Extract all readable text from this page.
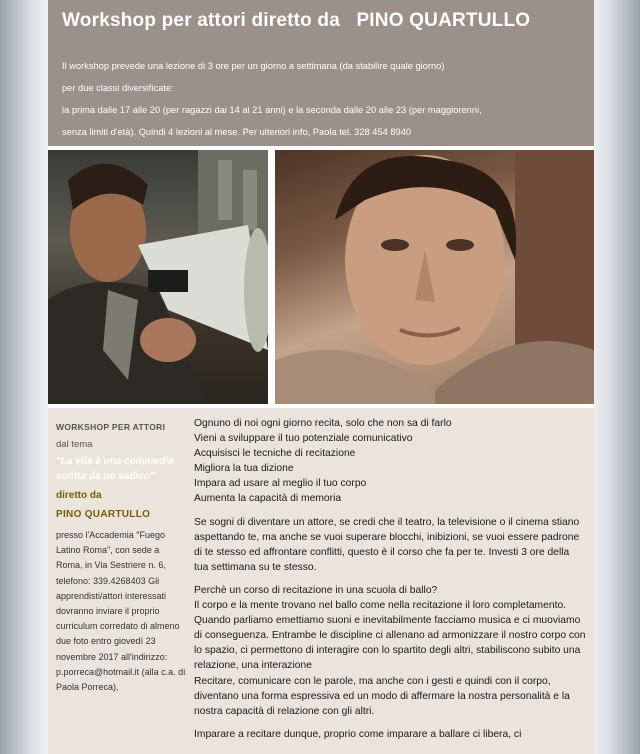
Workshop per attori diretto da   PINO QUARTULLO
Il workshop prevede una lezione di 3 ore per un giorno a settimana (da stabilire quale giorno)
per due classi diversificate:
la prima dalle 17 alle 20 (per ragazzi dai 14 ai 21 anni) e la seconda dalle 20 alle 23 (per maggiorenni,
senza limiti d'età). Quindi 4 lezioni al mese. Per ulteriori info, Paola tel. 328 454 8940
WORKSHOP PER ATTORI
dal tema
"La vita è una commedia scritta da un sadico"
diretto da
PINO QUARTULLO
presso l'Accademia "Fuego Latino Roma", con sede a Roma, in Via Sestriere n. 6, telefono: 339.4268403 Gli apprendisti/attori interessati dovranno inviare il proprio curriculum corredato di almeno due foto entro giovedì 23 novembre 2017 all'indirizzo: p.porreca@hotmail.it (alla c.a. di Paola Porreca),
Ognuno di noi ogni giorno recita, solo che non sa di farlo
Vieni a sviluppare il tuo potenziale comunicativo
Acquisisci le tecniche di recitazione
Migliora la tua dizione
Impara ad usare al meglio il tuo corpo
Aumenta la capacità di memoria

Se sogni di diventare un attore, se credi che il teatro, la televisione o il cinema stiano aspettando te, ma anche se vuoi superare blocchi, inibizioni, se vuoi essere padrone di te stesso ed affrontare conflitti, questo è il corso che fa per te. Investi 3 ore della tua settimana su te stesso.

Perchè un corso di recitazione in una scuola di ballo?
Il corpo e la mente trovano nel ballo come nella recitazione il loro completamento. Quando parliamo emettiamo suoni e inevitabilmente facciamo musica e ci muoviamo di conseguenza. Entrambe le discipline ci allenano ad armonizzare il nostro corpo con lo spazio, ci permettono di interagire con lo spartito degli altri, stabiliscono subito una relazione, una interazione
Recitare, comunicare con le parole, ma anche con i gesti e quindi con il corpo, diventano una forma espressiva ed un modo di affermare la nostra personalità e la nostra capacità di relazione con gli altri.

Imparare a recitare dunque, proprio come imparare a ballare ci libera, ci
